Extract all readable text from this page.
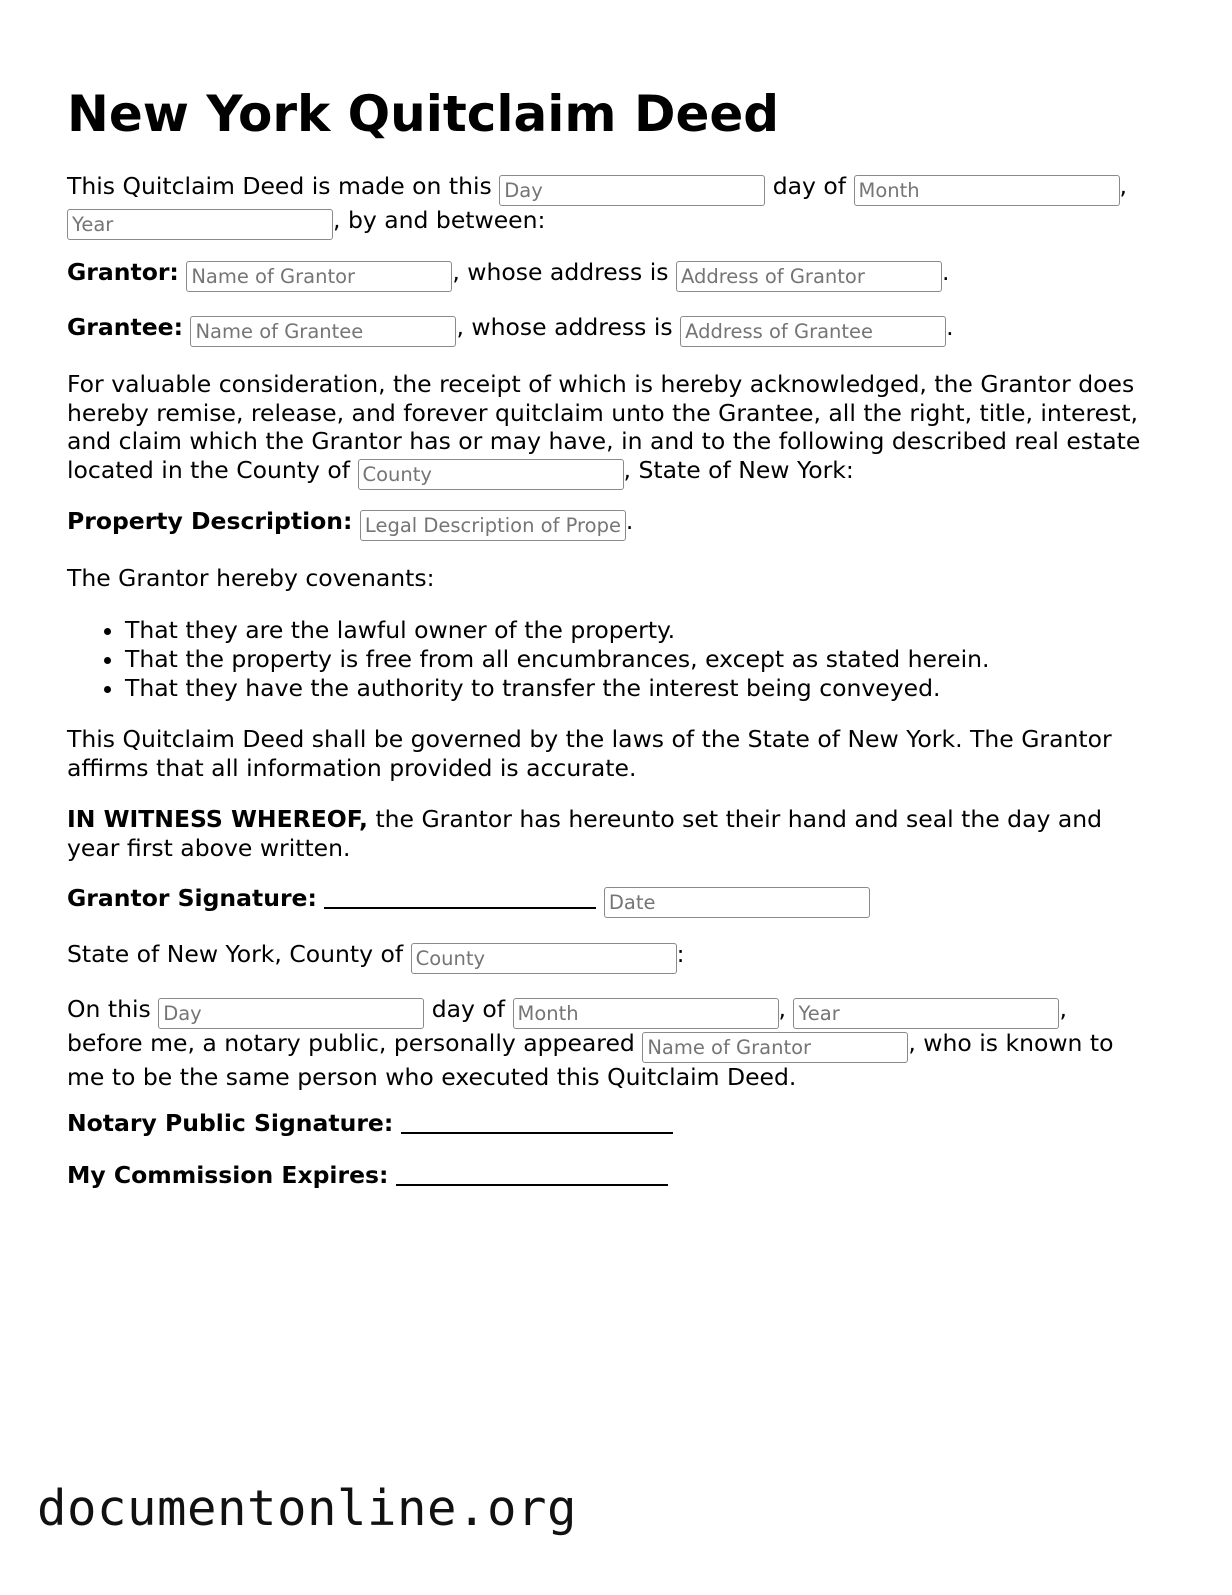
New York Quitclaim Deed

This Quitclaim Deed is made on this Day	day of Month	,
Year, by and between:

Grantor: Name of Grantor	, whose address is Address of Grantor	.

Grantee: Name of Grantee	, whose address is Address of Grantee	.

For valuable consideration, the receipt of which is hereby acknowledged, the Grantor does hereby remise, release, and forever quitclaim unto the Grantee, all the right, title, interest, and claim which the Grantor has or may have, in and to the following described real estate located in the County of County	, State of New York:

Property Description: Legal Description of Prope	.

The Grantor hereby covenants:

• That they are the lawful owner of the property.
• That the property is free from all encumbrances, except as stated herein.
• That they have the authority to transfer the interest being conveyed.

This Quitclaim Deed shall be governed by the laws of the State of New York. The Grantor affirms that all information provided is accurate.

IN WITNESS WHEREOF, the Grantor has hereunto set their hand and seal the day and year first above written.

Grantor Signature:  Date

State of New York, County of County	:

On this Day	day of Month	, Year	,
before me, a notary public, personally appeared Name of Grantor	, who is known to me to be the same person who executed this Quitclaim Deed.

Notary Public Signature:

My Commission Expires:

documentonline.org
